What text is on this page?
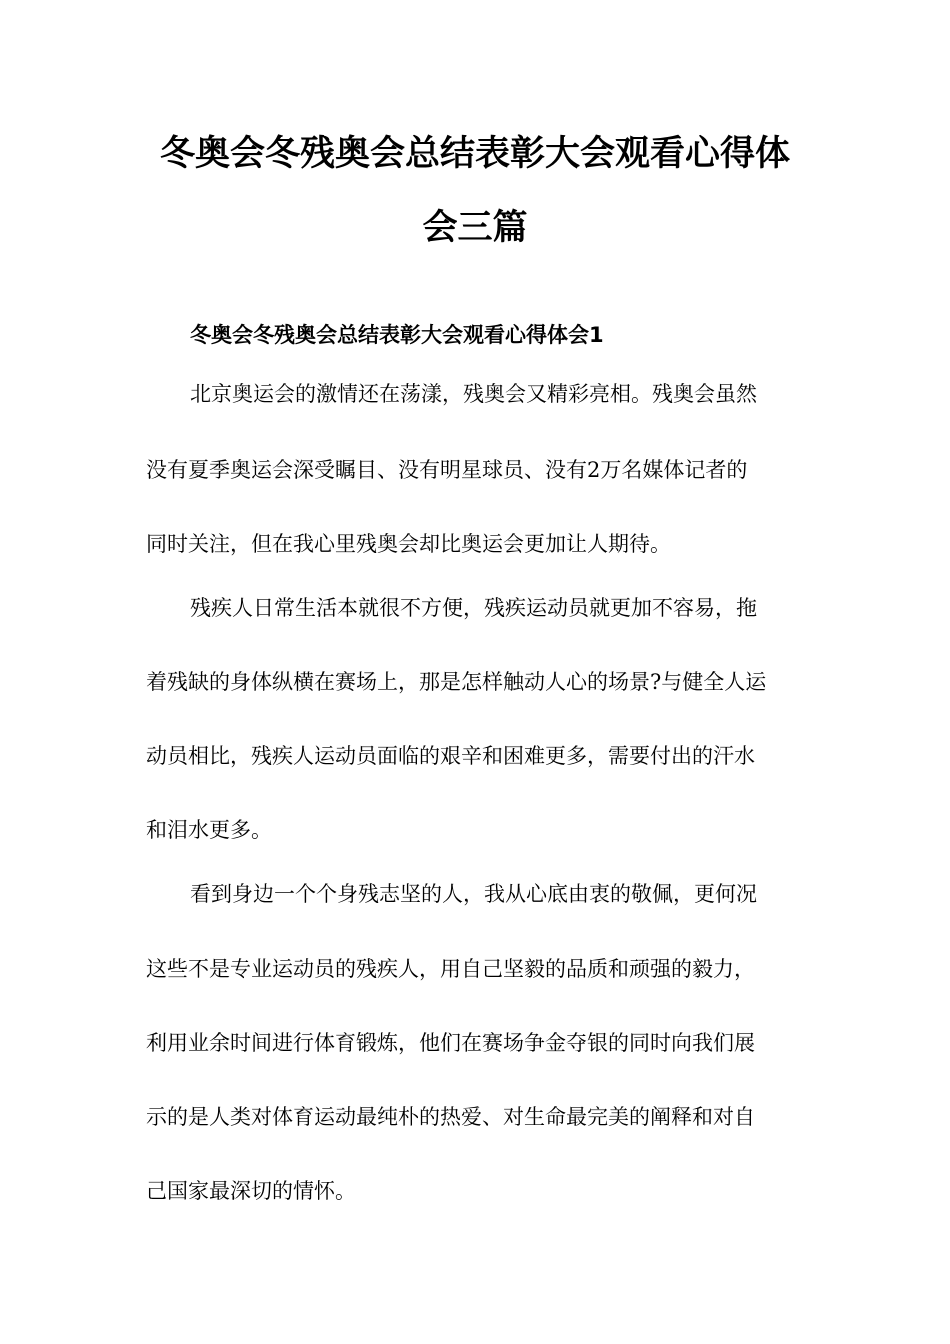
冬奥会冬残奥会总结表彰大会观看心得体
会三篇
冬奥会冬残奥会总结表彰大会观看心得体会1

北京奥运会的激情还在荡漾，残奥会又精彩亮相。残奥会虽然

没有夏季奥运会深受瞩目、没有明星球员、没有2万名媒体记者的

同时关注，但在我心里残奥会却比奥运会更加让人期待。

残疾人日常生活本就很不方便，残疾运动员就更加不容易，拖

着残缺的身体纵横在赛场上，那是怎样触动人心的场景?与健全人运

动员相比，残疾人运动员面临的艰辛和困难更多，需要付出的汗水

和泪水更多。

看到身边一个个身残志坚的人，我从心底由衷的敬佩，更何况

这些不是专业运动员的残疾人，用自己坚毅的品质和顽强的毅力，

利用业余时间进行体育锻炼，他们在赛场争金夺银的同时向我们展

示的是人类对体育运动最纯朴的热爱、对生命最完美的阐释和对自

己国家最深切的情怀。
